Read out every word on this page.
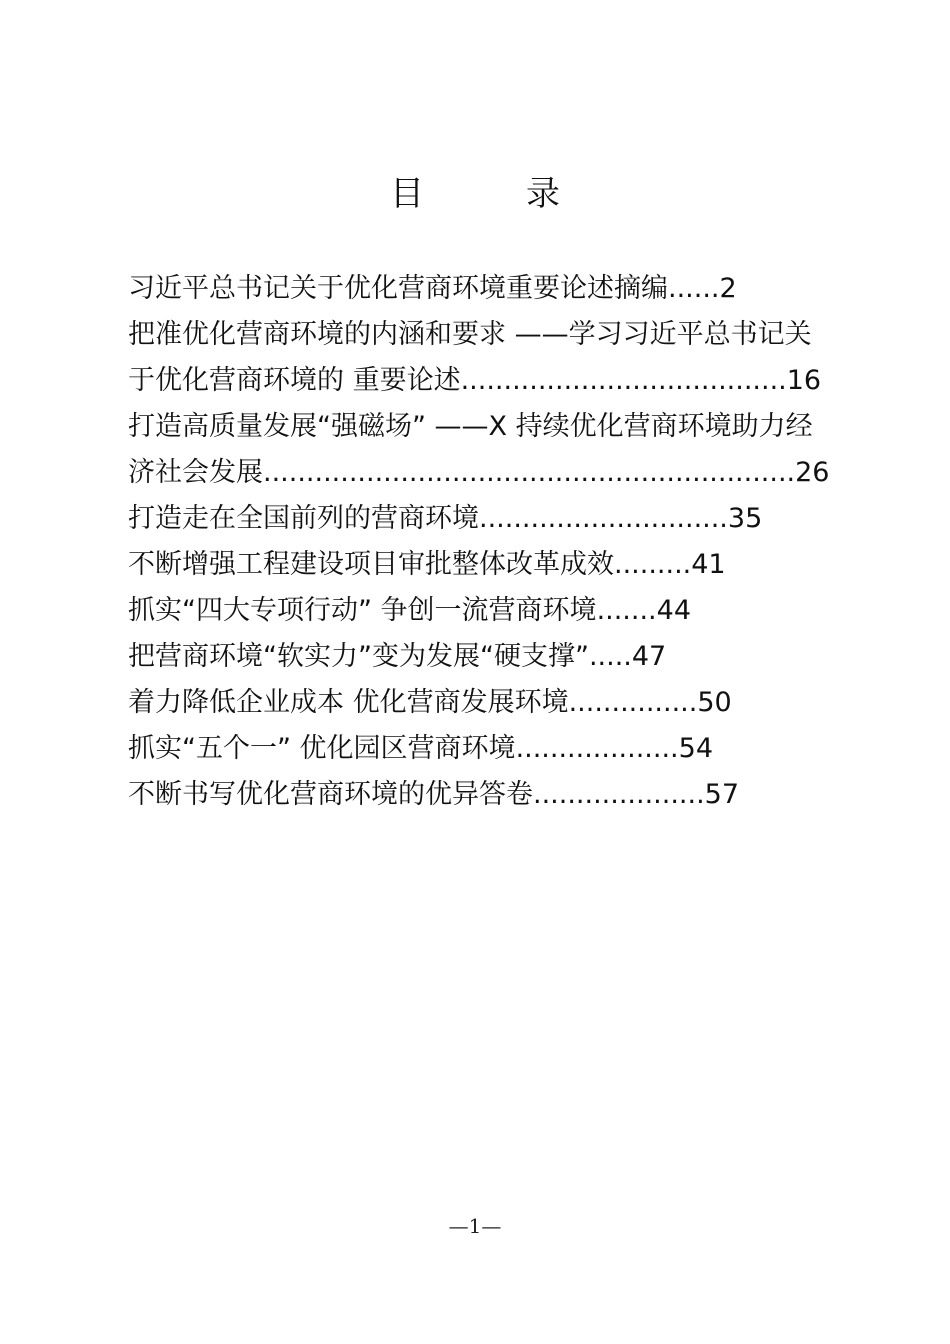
目　录
习近平总书记关于优化营商环境重要论述摘编......2
把准优化营商环境的内涵和要求 ——学习习近平总书记关于优化营商环境的 重要论述......................................16
打造高质量发展“强磁场” ——X 持续优化营商环境助力经济社会发展..............................................................26
打造走在全国前列的营商环境.............................35
不断增强工程建设项目审批整体改革成效.........41
抓实“四大专项行动” 争创一流营商环境.......44
把营商环境“软实力”变为发展“硬支撑”.....47
着力降低企业成本 优化营商发展环境...............50
抓实“五个一” 优化园区营商环境...................54
不断书写优化营商环境的优异答卷....................57
—1—
